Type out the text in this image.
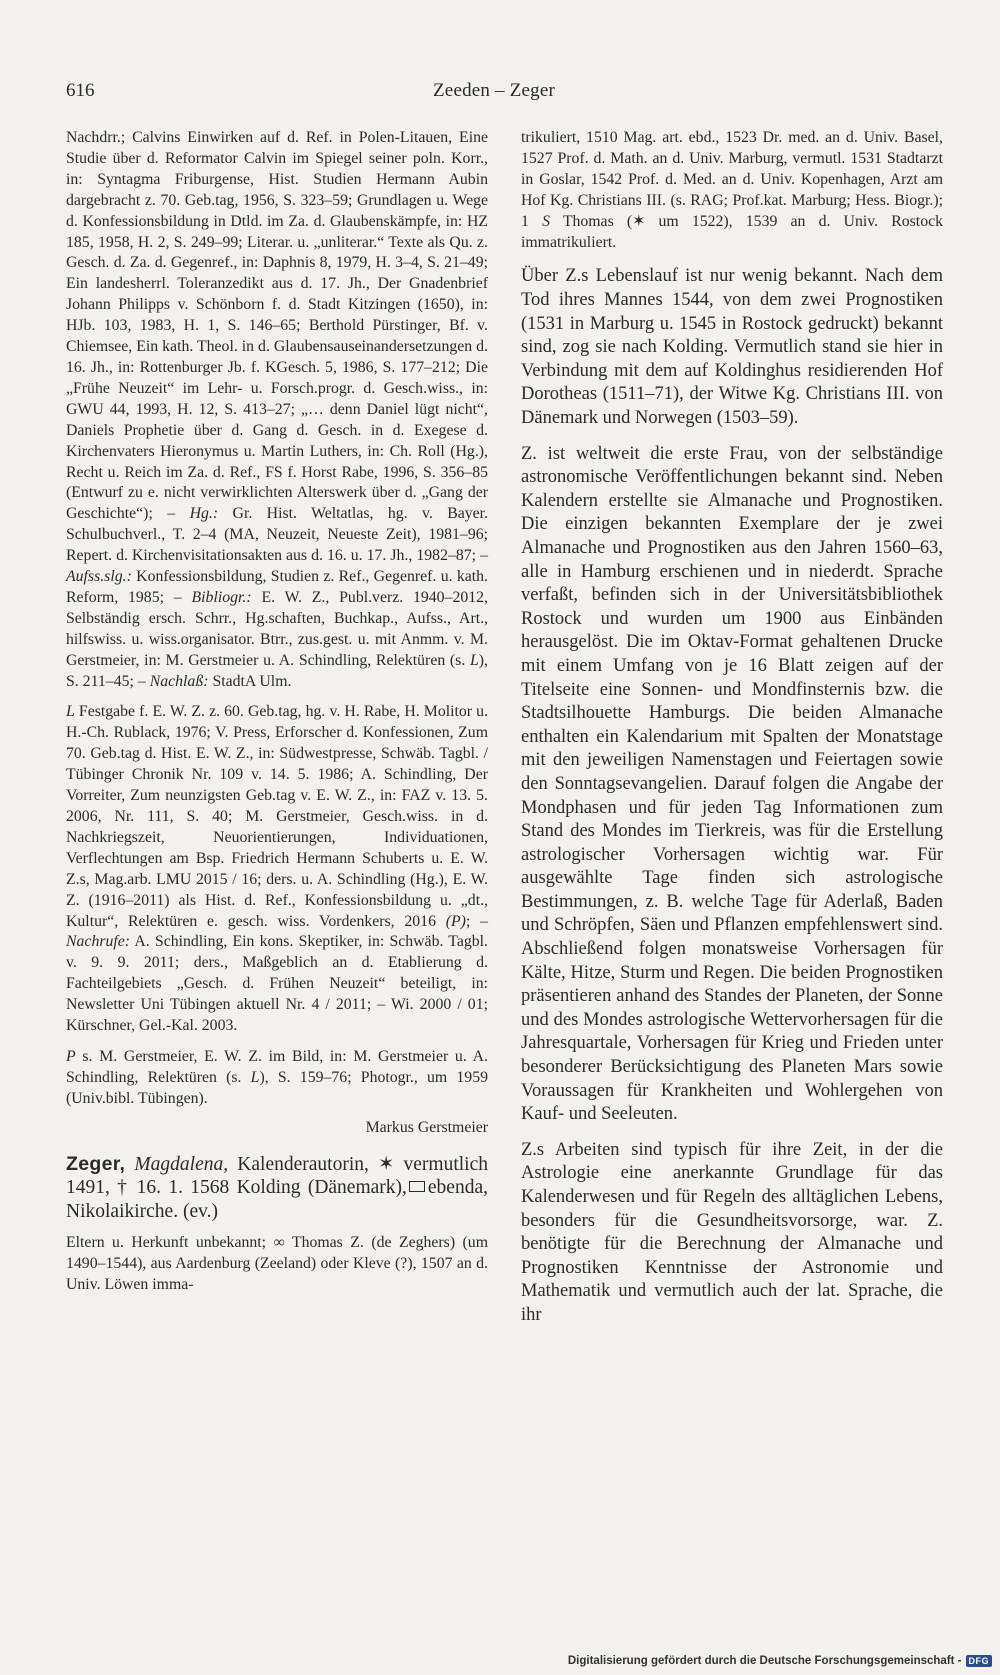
616	Zeeden – Zeger

Nachdrr.; Calvins Einwirken auf d. Ref. in Polen-Litauen, Eine Studie über d. Reformator Calvin im Spiegel seiner poln. Korr., in: Syntagma Friburgense, Hist. Studien Hermann Aubin dargebracht z. 70. Geb.tag, 1956, S. 323–59; Grundlagen u. Wege d. Konfessionsbildung in Dtld. im Za. d. Glaubenskämpfe, in: HZ 185, 1958, H. 2, S. 249–99; Literar. u. „unliterar.“ Texte als Qu. z. Gesch. d. Za. d. Gegenref., in: Daphnis 8, 1979, H. 3–4, S. 21–49; Ein landesherrl. Toleranzedikt aus d. 17. Jh., Der Gnadenbrief Johann Philipps v. Schönborn f. d. Stadt Kitzingen (1650), in: HJb. 103, 1983, H. 1, S. 146–65; Berthold Pürstinger, Bf. v. Chiemsee, Ein kath. Theol. in d. Glaubensauseinandersetzungen d. 16. Jh., in: Rottenburger Jb. f. KGesch. 5, 1986, S. 177–212; Die „Frühe Neuzeit“ im Lehr- u. Forsch.progr. d. Gesch.wiss., in: GWU 44, 1993, H. 12, S. 413–27; „… denn Daniel lügt nicht“, Daniels Prophetie über d. Gang d. Gesch. in d. Exegese d. Kirchenvaters Hieronymus u. Martin Luthers, in: Ch. Roll (Hg.), Recht u. Reich im Za. d. Ref., FS f. Horst Rabe, 1996, S. 356–85 (Entwurf zu e. nicht verwirklichten Alterswerk über d. „Gang der Geschichte“); – Hg.: Gr. Hist. Weltatlas, hg. v. Bayer. Schulbuchverl., T. 2–4 (MA, Neuzeit, Neueste Zeit), 1981–96; Repert. d. Kirchenvisitationsakten aus d. 16. u. 17. Jh., 1982–87; – Aufss.slg.: Konfessionsbildung, Studien z. Ref., Gegenref. u. kath. Reform, 1985; – Bibliogr.: E. W. Z., Publ.verz. 1940–2012, Selbständig ersch. Schrr., Hg.schaften, Buchkap., Aufss., Art., hilfswiss. u. wiss.organisator. Btrr., zus.gest. u. mit Anmm. v. M. Gerstmeier, in: M. Gerstmeier u. A. Schindling, Relektüren (s. L), S. 211–45; – Nachlaß: StadtA Ulm.

L Festgabe f. E. W. Z. z. 60. Geb.tag, hg. v. H. Rabe, H. Molitor u. H.-Ch. Rublack, 1976; V. Press, Erforscher d. Konfessionen, Zum 70. Geb.tag d. Hist. E. W. Z., in: Südwestpresse, Schwäb. Tagbl. / Tübinger Chronik Nr. 109 v. 14. 5. 1986; A. Schindling, Der Vorreiter, Zum neunzigsten Geb.tag v. E. W. Z., in: FAZ v. 13. 5. 2006, Nr. 111, S. 40; M. Gerstmeier, Gesch.wiss. in d. Nachkriegszeit, Neuorientierungen, Individuationen, Verflechtungen am Bsp. Friedrich Hermann Schuberts u. E. W. Z.s, Mag.arb. LMU 2015 / 16; ders. u. A. Schindling (Hg.), E. W. Z. (1916–2011) als Hist. d. Ref., Konfessionsbildung u. „dt., Kultur“, Relektüren e. gesch. wiss. Vordenkers, 2016 (P); – Nachrufe: A. Schindling, Ein kons. Skeptiker, in: Schwäb. Tagbl. v. 9. 9. 2011; ders., Maßgeblich an d. Etablierung d. Fachteilgebiets „Gesch. d. Frühen Neuzeit“ beteiligt, in: Newsletter Uni Tübingen aktuell Nr. 4 / 2011; – Wi. 2000 / 01; Kürschner, Gel.-Kal. 2003.

P s. M. Gerstmeier, E. W. Z. im Bild, in: M. Gerstmeier u. A. Schindling, Relektüren (s. L), S. 159–76; Photogr., um 1959 (Univ.bibl. Tübingen).

Markus Gerstmeier

Zeger, Magdalena, Kalenderautorin, ✶ vermutlich 1491, † 16. 1. 1568 Kolding (Dänemark), ebenda, Nikolaikirche. (ev.)

Eltern u. Herkunft unbekannt; ∞ Thomas Z. (de Zeghers) (um 1490–1544), aus Aardenburg (Zeeland) oder Kleve (?), 1507 an d. Univ. Löwen imma-

trikuliert, 1510 Mag. art. ebd., 1523 Dr. med. an d. Univ. Basel, 1527 Prof. d. Math. an d. Univ. Marburg, vermutl. 1531 Stadtarzt in Goslar, 1542 Prof. d. Med. an d. Univ. Kopenhagen, Arzt am Hof Kg. Christians III. (s. RAG; Prof.kat. Marburg; Hess. Biogr.); 1 S Thomas (✶ um 1522), 1539 an d. Univ. Rostock immatrikuliert.

Über Z.s Lebenslauf ist nur wenig bekannt. Nach dem Tod ihres Mannes 1544, von dem zwei Prognostiken (1531 in Marburg u. 1545 in Rostock gedruckt) bekannt sind, zog sie nach Kolding. Vermutlich stand sie hier in Verbindung mit dem auf Koldinghus residierenden Hof Dorotheas (1511–71), der Witwe Kg. Christians III. von Dänemark und Norwegen (1503–59).

Z. ist weltweit die erste Frau, von der selbständige astronomische Veröffentlichungen bekannt sind. Neben Kalendern erstellte sie Almanache und Prognostiken. Die einzigen bekannten Exemplare der je zwei Almanache und Prognostiken aus den Jahren 1560–63, alle in Hamburg erschienen und in niederdt. Sprache verfaßt, befinden sich in der Universitätsbibliothek Rostock und wurden um 1900 aus Einbänden herausgelöst. Die im Oktav-Format gehaltenen Drucke mit einem Umfang von je 16 Blatt zeigen auf der Titelseite eine Sonnen- und Mondfinsternis bzw. die Stadtsilhouette Hamburgs. Die beiden Almanache enthalten ein Kalendarium mit Spalten der Monatstage mit den jeweiligen Namenstagen und Feiertagen sowie den Sonntagsevangelien. Darauf folgen die Angabe der Mondphasen und für jeden Tag Informationen zum Stand des Mondes im Tierkreis, was für die Erstellung astrologischer Vorhersagen wichtig war. Für ausgewählte Tage finden sich astrologische Bestimmungen, z. B. welche Tage für Aderlaß, Baden und Schröpfen, Säen und Pflanzen empfehlenswert sind. Abschließend folgen monatsweise Vorhersagen für Kälte, Hitze, Sturm und Regen. Die beiden Prognostiken präsentieren anhand des Standes der Planeten, der Sonne und des Mondes astrologische Wettervorhersagen für die Jahresquartale, Vorhersagen für Krieg und Frieden unter besonderer Berücksichtigung des Planeten Mars sowie Voraussagen für Krankheiten und Wohlergehen von Kauf- und Seeleuten.

Z.s Arbeiten sind typisch für ihre Zeit, in der die Astrologie eine anerkannte Grundlage für das Kalenderwesen und für Regeln des alltäglichen Lebens, besonders für die Gesundheitsvorsorge, war. Z. benötigte für die Berechnung der Almanache und Prognostiken Kenntnisse der Astronomie und Mathematik und vermutlich auch der lat. Sprache, die ihr

Digitalisierung gefördert durch die Deutsche Forschungsgemeinschaft - DFG
